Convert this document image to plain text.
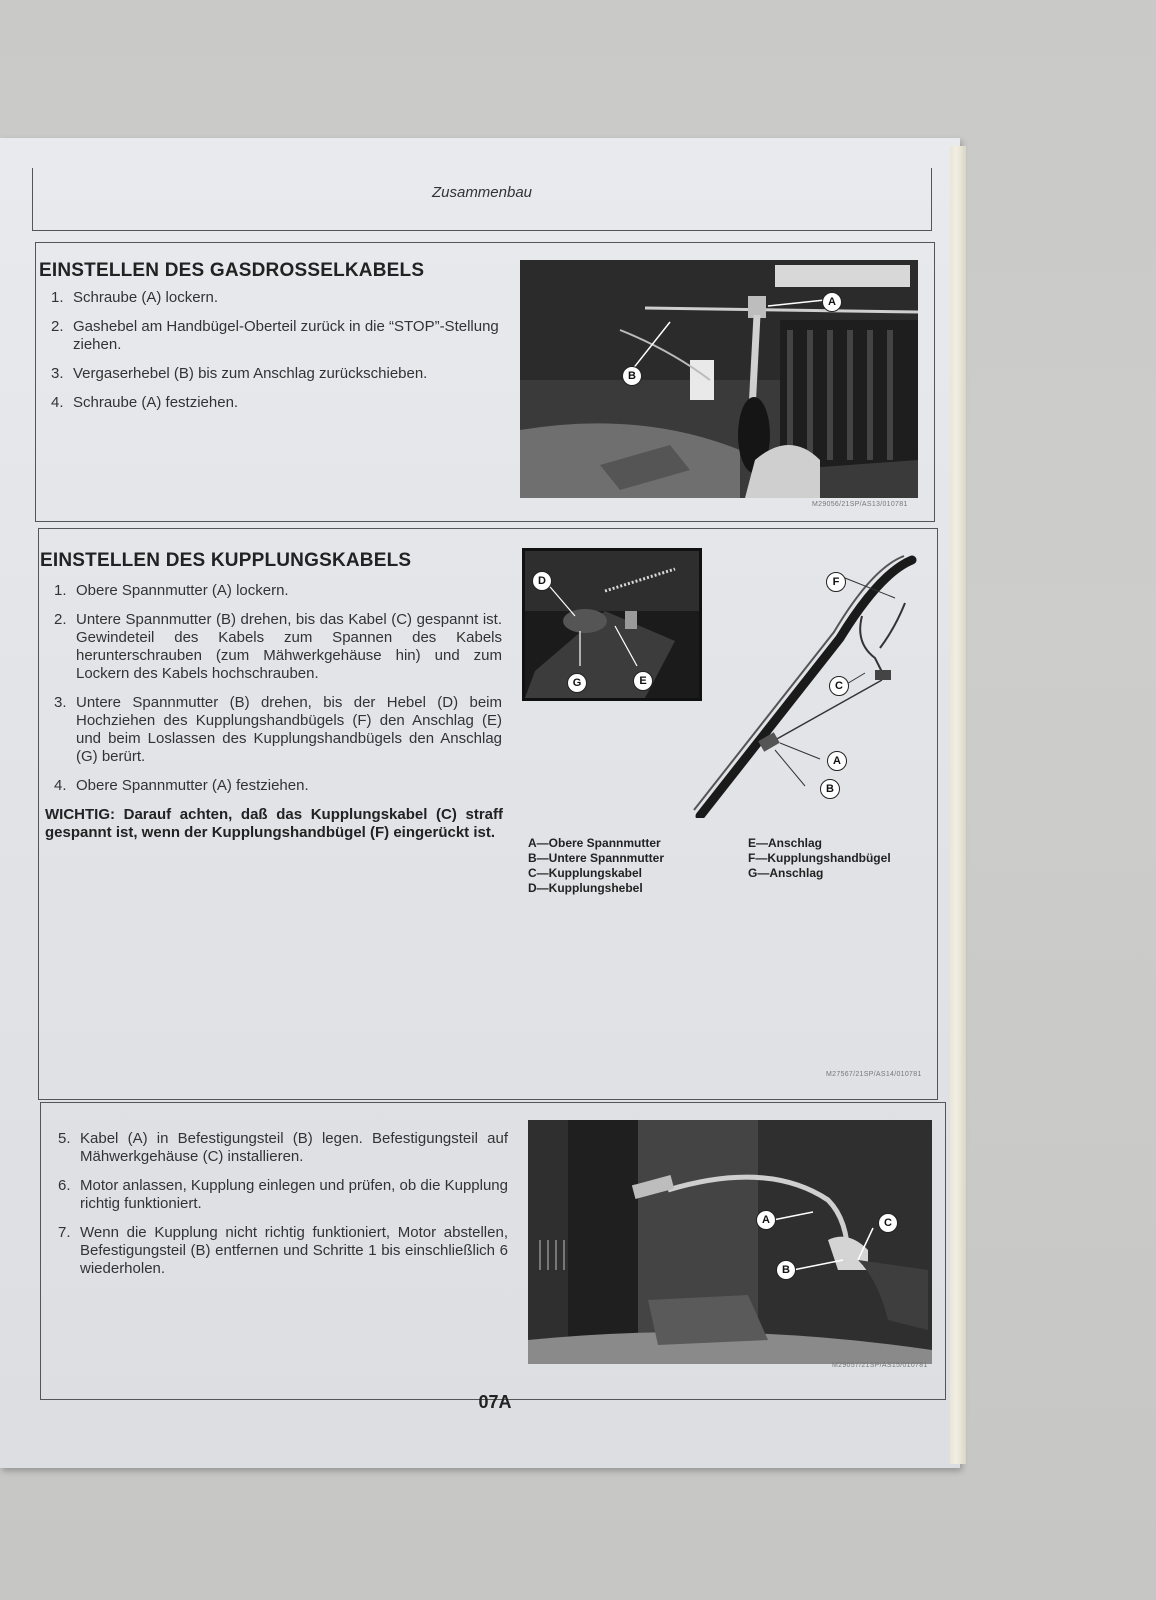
Zusammenbau
EINSTELLEN DES GASDROSSELKABELS
1. Schraube (A) lockern.
2. Gashebel am Handbügel-Oberteil zurück in die “STOP”-Stellung ziehen.
3. Vergaserhebel (B) bis zum Anschlag zurückschieben.
4. Schraube (A) festziehen.
A
B
M29056/21SP/AS13/010781
EINSTELLEN DES KUPPLUNGSKABELS
1. Obere Spannmutter (A) lockern.
2. Untere Spannmutter (B) drehen, bis das Kabel (C) gespannt ist. Gewindeteil des Kabels zum Spannen des Kabels herunterschrauben (zum Mähwerkgehäuse hin) und zum Lockern des Kabels hochschrauben.
3. Untere Spannmutter (B) drehen, bis der Hebel (D) beim Hochziehen des Kupplungshandbügels (F) den Anschlag (E) und beim Loslassen des Kupplungshandbügels den Anschlag (G) berürt.
4. Obere Spannmutter (A) festziehen.
WICHTIG: Darauf achten, daß das Kupplungskabel (C) straff gespannt ist, wenn der Kupplungshandbügel (F) eingerückt ist.
D
G	E
F
C
A
B
A—Obere Spannmutter
B—Untere Spannmutter
C—Kupplungskabel
D—Kupplungshebel
E—Anschlag
F—Kupplungshandbügel
G—Anschlag
M27567/21SP/AS14/010781
5. Kabel (A) in Befestigungsteil (B) legen. Befestigungsteil auf Mähwerkgehäuse (C) installieren.
6. Motor anlassen, Kupplung einlegen und prüfen, ob die Kupplung richtig funktioniert.
7. Wenn die Kupplung nicht richtig funktioniert, Motor abstellen, Befestigungsteil (B) entfernen und Schritte 1 bis einschließlich 6 wiederholen.
A
B
C
M29057/21SP/AS15/010781
07A
